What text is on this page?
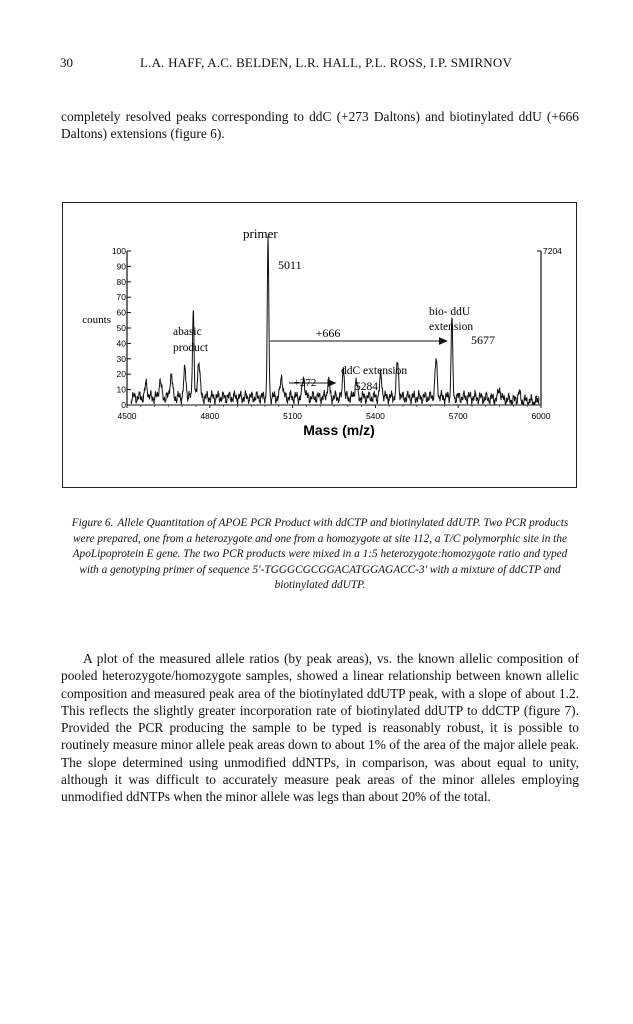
30	L.A. HAFF, A.C. BELDEN, L.R. HALL, P.L. ROSS, I.P. SMIRNOV

completely resolved peaks corresponding to ddC (+273 Daltons) and biotinylated ddU (+666 Daltons) extensions (figure 6).

0
10
20
30
40
50
60
70
80
90
100
4500	4800	5100	5400	5700	6000
7204
0
Mass (m/z)
counts
primer
5011
abasic
product
+666
+272
ddC extension
5284
bio- ddU
extension
5677

Figure 6. Allele Quantitation of APOE PCR Product with ddCTP and biotinylated ddUTP. Two PCR products were prepared, one from a heterozygote and one from a homozygote at site 112, a T/C polymorphic site in the ApoLipoprotein E gene. The two PCR products were mixed in a 1:5 heterozygote:homozygote ratio and typed with a genotyping primer of sequence 5'-TGGGCGCGGACATGGAGACC-3' with a mixture of ddCTP and biotinylated ddUTP.

A plot of the measured allele ratios (by peak areas), vs. the known allelic composition of pooled heterozygote/homozygote samples, showed a linear relationship between known allelic composition and measured peak area of the biotinylated ddUTP peak, with a slope of about 1.2. This reflects the slightly greater incorporation rate of biotinylated ddUTP to ddCTP (figure 7). Provided the PCR producing the sample to be typed is reasonably robust, it is possible to routinely measure minor allele peak areas down to about 1% of the area of the major allele peak. The slope determined using unmodified ddNTPs, in comparison, was about equal to unity, although it was difficult to accurately measure peak areas of the minor alleles employing unmodified ddNTPs when the minor allele was legs than about 20% of the total.
